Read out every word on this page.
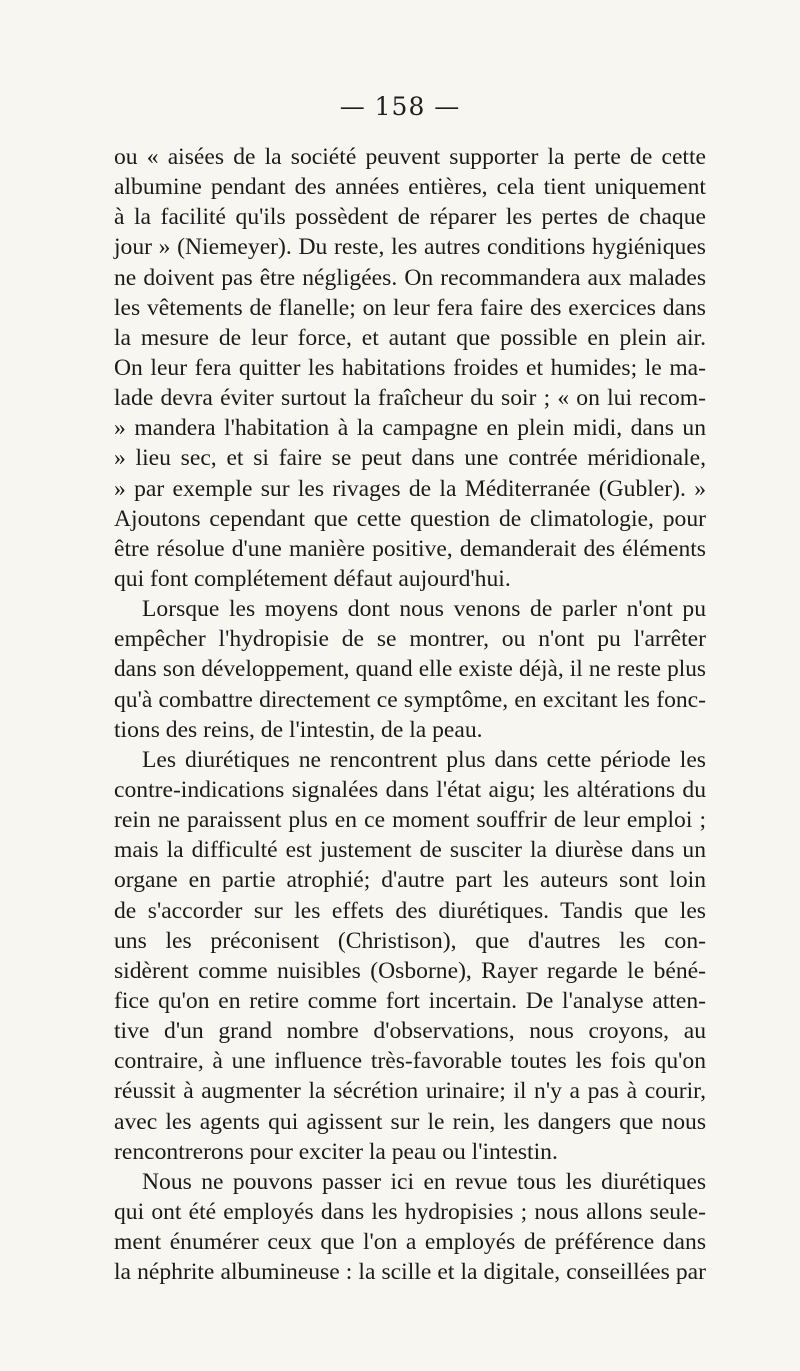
— 158 —
ou « aisées de la société peuvent supporter la perte de cette
albumine pendant des années entières, cela tient uniquement
à la facilité qu'ils possèdent de réparer les pertes de chaque
jour » (Niemeyer). Du reste, les autres conditions hygiéniques
ne doivent pas être négligées. On recommandera aux malades
les vêtements de flanelle; on leur fera faire des exercices dans
la mesure de leur force, et autant que possible en plein air.
On leur fera quitter les habitations froides et humides; le ma-
lade devra éviter surtout la fraîcheur du soir ; « on lui recom-
» mandera l'habitation à la campagne en plein midi, dans un
» lieu sec, et si faire se peut dans une contrée méridionale,
» par exemple sur les rivages de la Méditerranée (Gubler). »
Ajoutons cependant que cette question de climatologie, pour
être résolue d'une manière positive, demanderait des éléments
qui font complétement défaut aujourd'hui.
Lorsque les moyens dont nous venons de parler n'ont pu
empêcher l'hydropisie de se montrer, ou n'ont pu l'arrêter
dans son développement, quand elle existe déjà, il ne reste plus
qu'à combattre directement ce symptôme, en excitant les fonc-
tions des reins, de l'intestin, de la peau.
Les diurétiques ne rencontrent plus dans cette période les
contre-indications signalées dans l'état aigu; les altérations du
rein ne paraissent plus en ce moment souffrir de leur emploi ;
mais la difficulté est justement de susciter la diurèse dans un
organe en partie atrophié; d'autre part les auteurs sont loin
de s'accorder sur les effets des diurétiques. Tandis que les
uns les préconisent (Christison), que d'autres les con-
sidèrent comme nuisibles (Osborne), Rayer regarde le béné-
fice qu'on en retire comme fort incertain. De l'analyse atten-
tive d'un grand nombre d'observations, nous croyons, au
contraire, à une influence très-favorable toutes les fois qu'on
réussit à augmenter la sécrétion urinaire; il n'y a pas à courir,
avec les agents qui agissent sur le rein, les dangers que nous
rencontrerons pour exciter la peau ou l'intestin.
Nous ne pouvons passer ici en revue tous les diurétiques
qui ont été employés dans les hydropisies ; nous allons seule-
ment énumérer ceux que l'on a employés de préférence dans
la néphrite albumineuse : la scille et la digitale, conseillées par
